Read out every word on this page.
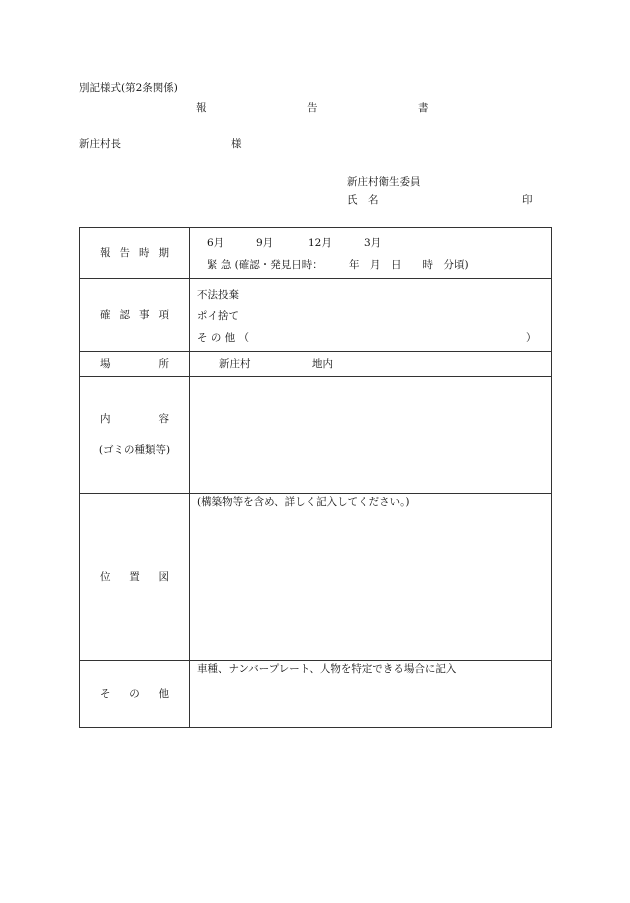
別記様式(第2条関係)
報	告	書
新庄村長	様
新庄村衛生委員
氏　名	印
報 告 時 期	6月 9月 12月 3月
緊 急 (確認・発見日時：　　　年　月　日　　時　分頃)

確 認 事 項	不法投棄
ポイ捨て
そ の 他 （ ）

場 所	新庄村 地内

内 容
(ゴミの種類等)	

位 置 図	(構築物等を含め、詳しく記入してください。)

そ の 他	車種、ナンバープレート、人物を特定できる場合に記入
